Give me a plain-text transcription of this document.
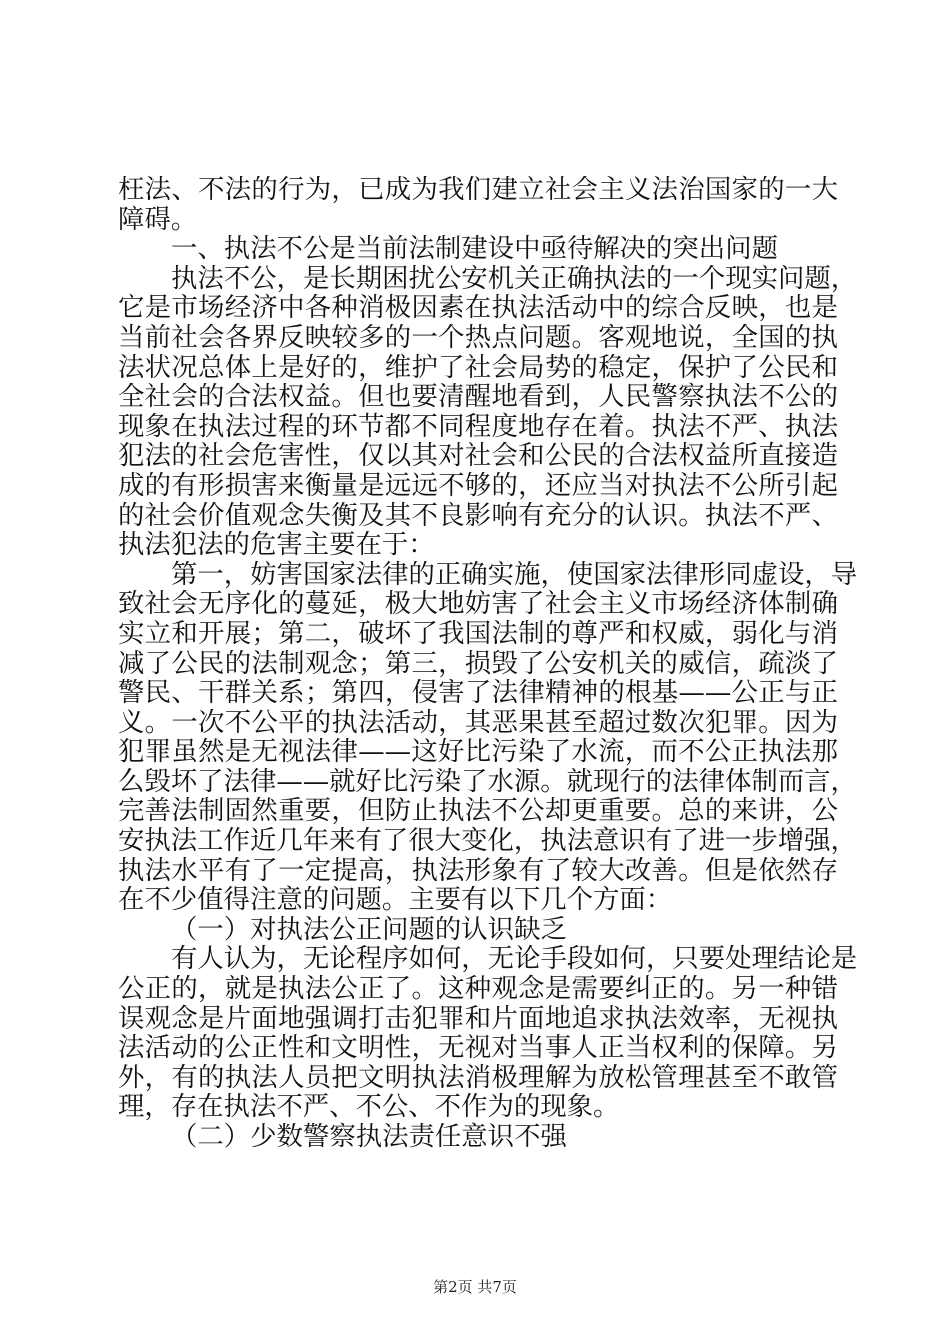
枉法、不法的行为，已成为我们建立社会主义法治国家的一大
障碍。
一、执法不公是当前法制建设中亟待解决的突出问题
执法不公，是长期困扰公安机关正确执法的一个现实问题，
它是市场经济中各种消极因素在执法活动中的综合反映，也是
当前社会各界反映较多的一个热点问题。客观地说，全国的执
法状况总体上是好的，维护了社会局势的稳定，保护了公民和
全社会的合法权益。但也要清醒地看到，人民警察执法不公的
现象在执法过程的环节都不同程度地存在着。执法不严、执法
犯法的社会危害性，仅以其对社会和公民的合法权益所直接造
成的有形损害来衡量是远远不够的，还应当对执法不公所引起
的社会价值观念失衡及其不良影响有充分的认识。执法不严、
执法犯法的危害主要在于：
第一，妨害国家法律的正确实施，使国家法律形同虚设，导
致社会无序化的蔓延，极大地妨害了社会主义市场经济体制确
实立和开展；第二，破坏了我国法制的尊严和权威，弱化与消
减了公民的法制观念；第三，损毁了公安机关的威信，疏淡了
警民、干群关系；第四，侵害了法律精神的根基——公正与正
义。一次不公平的执法活动，其恶果甚至超过数次犯罪。因为
犯罪虽然是无视法律——这好比污染了水流，而不公正执法那
么毁坏了法律——就好比污染了水源。就现行的法律体制而言，
完善法制固然重要，但防止执法不公却更重要。总的来讲，公
安执法工作近几年来有了很大变化，执法意识有了进一步增强，
执法水平有了一定提高，执法形象有了较大改善。但是依然存
在不少值得注意的问题。主要有以下几个方面：
（一）对执法公正问题的认识缺乏
有人认为，无论程序如何，无论手段如何，只要处理结论是
公正的，就是执法公正了。这种观念是需要纠正的。另一种错
误观念是片面地强调打击犯罪和片面地追求执法效率，无视执
法活动的公正性和文明性，无视对当事人正当权利的保障。另
外，有的执法人员把文明执法消极理解为放松管理甚至不敢管
理，存在执法不严、不公、不作为的现象。
（二）少数警察执法责任意识不强
第2页 共7页
